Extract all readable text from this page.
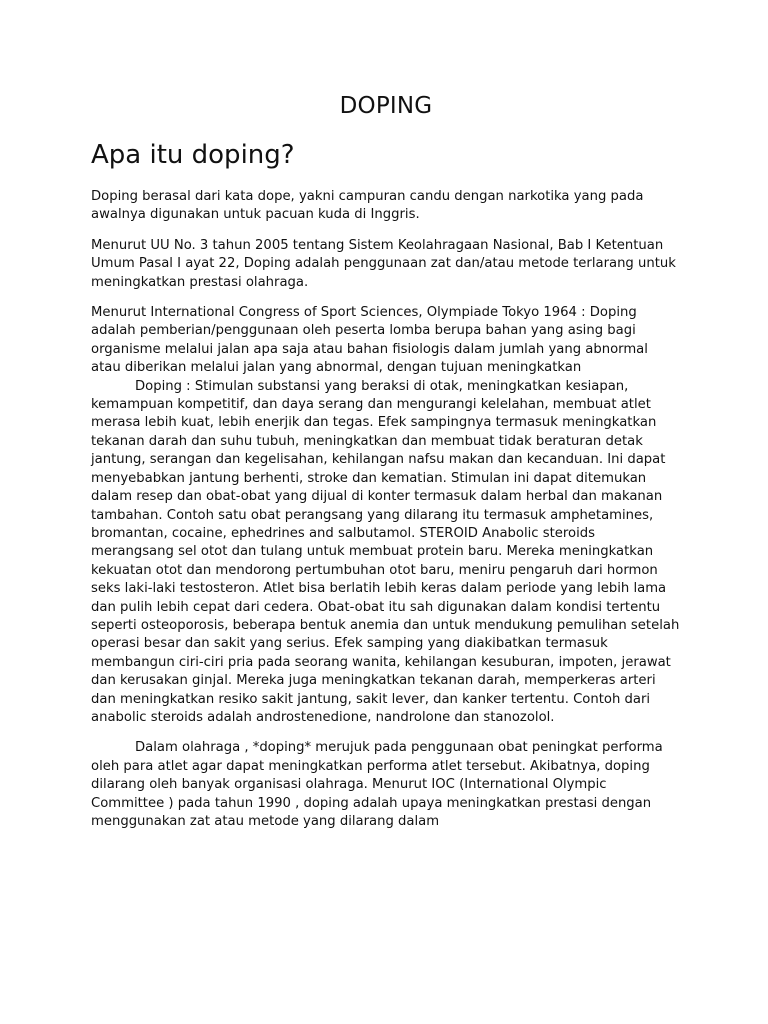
DOPING
Apa itu doping?

Doping berasal dari kata dope, yakni campuran candu dengan narkotika yang pada awalnya digunakan untuk pacuan kuda di Inggris.

Menurut UU No. 3 tahun 2005 tentang Sistem Keolahragaan Nasional, Bab I Ketentuan Umum Pasal I ayat 22, Doping adalah penggunaan zat dan/atau metode terlarang untuk meningkatkan prestasi olahraga.

Menurut International Congress of Sport Sciences, Olympiade Tokyo 1964 : Doping adalah pemberian/penggunaan oleh peserta lomba berupa bahan yang asing bagi organisme melalui jalan apa saja atau bahan fisiologis dalam jumlah yang abnormal atau diberikan melalui jalan yang abnormal, dengan tujuan meningkatkan

Doping : Stimulan substansi yang beraksi di otak, meningkatkan kesiapan, kemampuan kompetitif, dan daya serang dan mengurangi kelelahan, membuat atlet merasa lebih kuat, lebih enerjik dan tegas. Efek sampingnya termasuk meningkatkan tekanan darah dan suhu tubuh, meningkatkan dan membuat tidak beraturan detak jantung, serangan dan kegelisahan, kehilangan nafsu makan dan kecanduan. Ini dapat menyebabkan jantung berhenti, stroke dan kematian. Stimulan ini dapat ditemukan dalam resep dan obat-obat yang dijual di konter termasuk dalam herbal dan makanan tambahan. Contoh satu obat perangsang yang dilarang itu termasuk amphetamines, bromantan, cocaine, ephedrines and salbutamol. STEROID Anabolic steroids merangsang sel otot dan tulang untuk membuat protein baru. Mereka meningkatkan kekuatan otot dan mendorong pertumbuhan otot baru, meniru pengaruh dari hormon seks laki-laki testosteron. Atlet bisa berlatih lebih keras dalam periode yang lebih lama dan pulih lebih cepat dari cedera. Obat-obat itu sah digunakan dalam kondisi tertentu seperti osteoporosis, beberapa bentuk anemia dan untuk mendukung pemulihan setelah operasi besar dan sakit yang serius. Efek samping yang diakibatkan termasuk membangun ciri-ciri pria pada seorang wanita, kehilangan kesuburan, impoten, jerawat dan kerusakan ginjal. Mereka juga meningkatkan tekanan darah, memperkeras arteri dan meningkatkan resiko sakit jantung, sakit lever, dan kanker tertentu. Contoh dari anabolic steroids adalah androstenedione, nandrolone dan stanozolol.

Dalam olahraga , *doping* merujuk pada penggunaan obat peningkat performa oleh para atlet agar dapat meningkatkan performa atlet tersebut. Akibatnya, doping dilarang oleh banyak organisasi olahraga. Menurut IOC (International Olympic Committee ) pada tahun 1990 , doping adalah upaya meningkatkan prestasi dengan menggunakan zat atau metode yang dilarang dalam
